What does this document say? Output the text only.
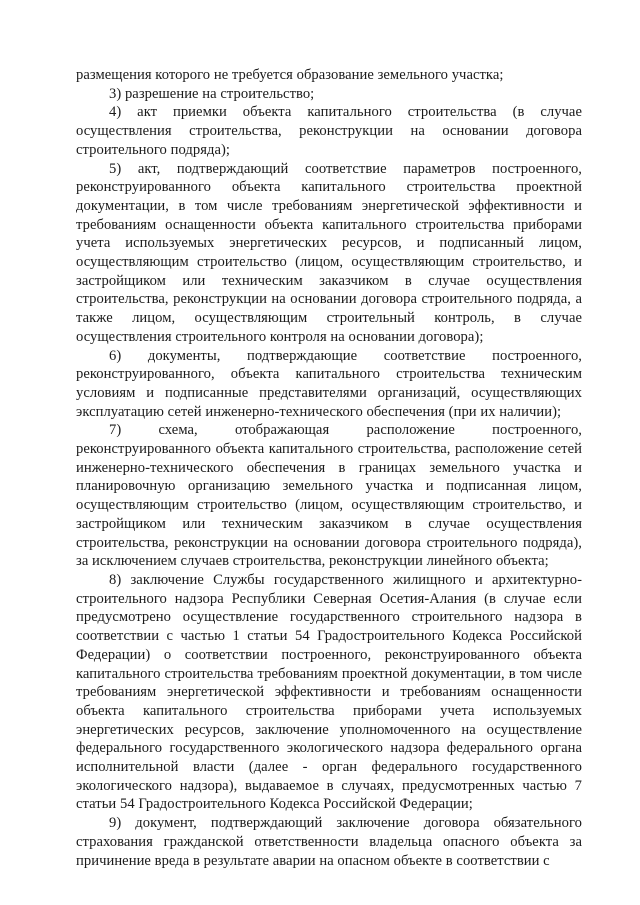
размещения которого не требуется образование земельного участка;

3) разрешение на строительство;

4) акт приемки объекта капитального строительства (в случае осуществления строительства, реконструкции на основании договора строительного подряда);

5) акт, подтверждающий соответствие параметров построенного, реконструированного объекта капитального строительства проектной документации, в том числе требованиям энергетической эффективности и требованиям оснащенности объекта капитального строительства приборами учета используемых энергетических ресурсов, и подписанный лицом, осуществляющим строительство (лицом, осуществляющим строительство, и застройщиком или техническим заказчиком в случае осуществления строительства, реконструкции на основании договора строительного подряда, а также лицом, осуществляющим строительный контроль, в случае осуществления строительного контроля на основании договора);

6) документы, подтверждающие соответствие построенного, реконструированного, объекта капитального строительства техническим условиям и подписанные представителями организаций, осуществляющих эксплуатацию сетей инженерно-технического обеспечения (при их наличии);

7) схема, отображающая расположение построенного, реконструированного объекта капитального строительства, расположение сетей инженерно-технического обеспечения в границах земельного участка и планировочную организацию земельного участка и подписанная лицом, осуществляющим строительство (лицом, осуществляющим строительство, и застройщиком или техническим заказчиком в случае осуществления строительства, реконструкции на основании договора строительного подряда), за исключением случаев строительства, реконструкции линейного объекта;

8) заключение Службы государственного жилищного и архитектурно-строительного надзора Республики Северная Осетия-Алания (в случае если предусмотрено осуществление государственного строительного надзора в соответствии с частью 1 статьи 54 Градостроительного Кодекса Российской Федерации) о соответствии построенного, реконструированного объекта капитального строительства требованиям проектной документации, в том числе требованиям энергетической эффективности и требованиям оснащенности объекта капитального строительства приборами учета используемых энергетических ресурсов, заключение уполномоченного на осуществление федерального государственного экологического надзора федерального органа исполнительной власти (далее - орган федерального государственного экологического надзора), выдаваемое в случаях, предусмотренных частью 7 статьи 54 Градостроительного Кодекса Российской Федерации;

9) документ, подтверждающий заключение договора обязательного страхования гражданской ответственности владельца опасного объекта за причинение вреда в результате аварии на опасном объекте в соответствии с
